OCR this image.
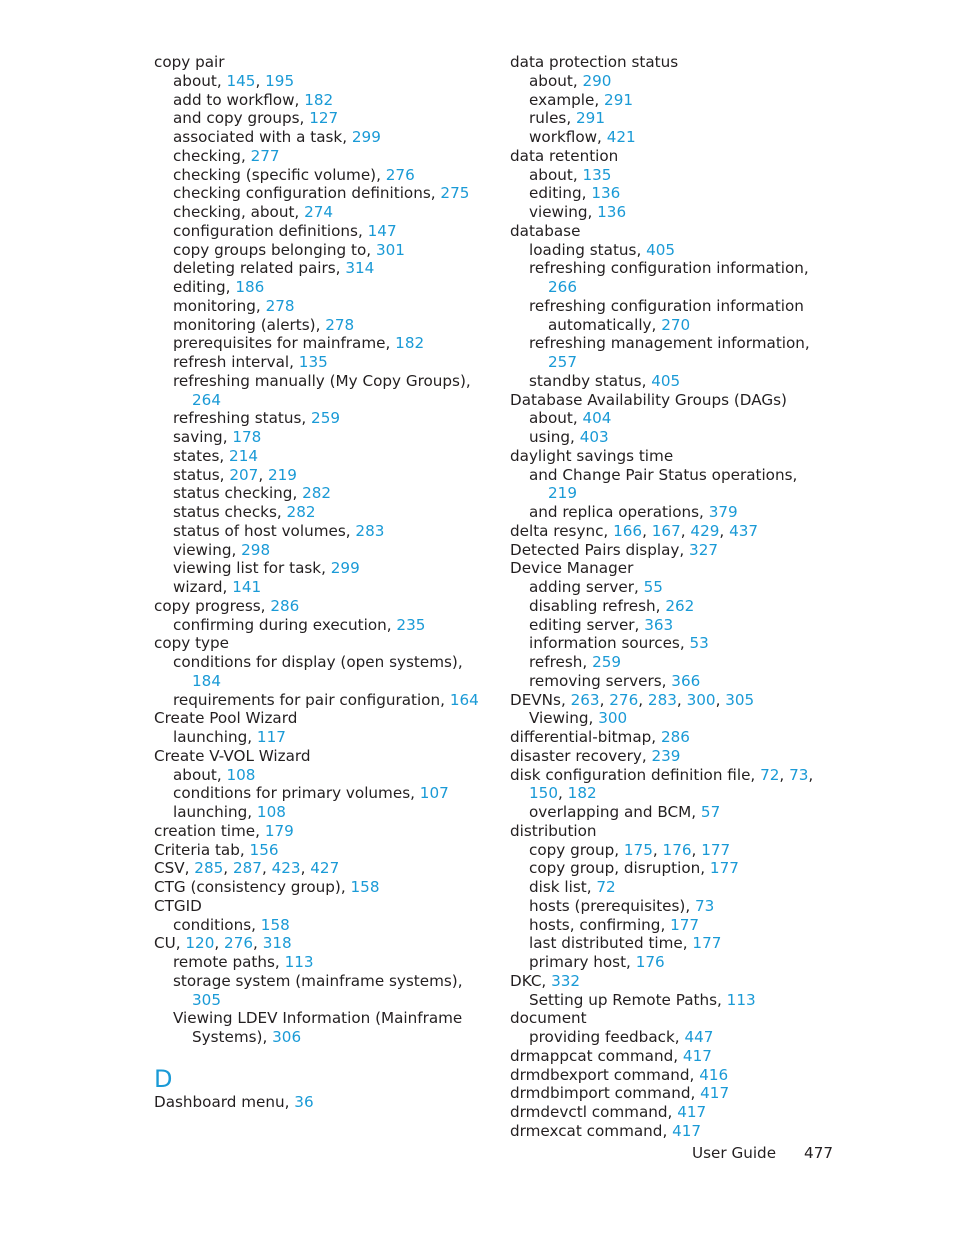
copy pair
about, 145, 195
add to workflow, 182
and copy groups, 127
associated with a task, 299
checking, 277
checking (specific volume), 276
checking configuration definitions, 275
checking, about, 274
configuration definitions, 147
copy groups belonging to, 301
deleting related pairs, 314
editing, 186
monitoring, 278
monitoring (alerts), 278
prerequisites for mainframe, 182
refresh interval, 135
refreshing manually (My Copy Groups), 264
refreshing status, 259
saving, 178
states, 214
status, 207, 219
status checking, 282
status checks, 282
status of host volumes, 283
viewing, 298
viewing list for task, 299
wizard, 141
copy progress, 286
confirming during execution, 235
copy type
conditions for display (open systems), 184
requirements for pair configuration, 164
Create Pool Wizard
launching, 117
Create V-VOL Wizard
about, 108
conditions for primary volumes, 107
launching, 108
creation time, 179
Criteria tab, 156
CSV, 285, 287, 423, 427
CTG (consistency group), 158
CTGID
conditions, 158
CU, 120, 276, 318
remote paths, 113
storage system (mainframe systems), 305
Viewing LDEV Information (Mainframe Systems), 306
D
Dashboard menu, 36
data protection status
about, 290
example, 291
rules, 291
workflow, 421
data retention
about, 135
editing, 136
viewing, 136
database
loading status, 405
refreshing configuration information, 266
refreshing configuration information automatically, 270
refreshing management information, 257
standby status, 405
Database Availability Groups (DAGs)
about, 404
using, 403
daylight savings time
and Change Pair Status operations, 219
and replica operations, 379
delta resync, 166, 167, 429, 437
Detected Pairs display, 327
Device Manager
adding server, 55
disabling refresh, 262
editing server, 363
information sources, 53
refresh, 259
removing servers, 366
DEVNs, 263, 276, 283, 300, 305
Viewing, 300
differential-bitmap, 286
disaster recovery, 239
disk configuration definition file, 72, 73, 150, 182
overlapping and BCM, 57
distribution
copy group, 175, 176, 177
copy group, disruption, 177
disk list, 72
hosts (prerequisites), 73
hosts, confirming, 177
last distributed time, 177
primary host, 176
DKC, 332
Setting up Remote Paths, 113
document
providing feedback, 447
drmappcat command, 417
drmdbexport command, 416
drmdbimport command, 417
drmdevctl command, 417
drmexcat command, 417
User Guide 477
